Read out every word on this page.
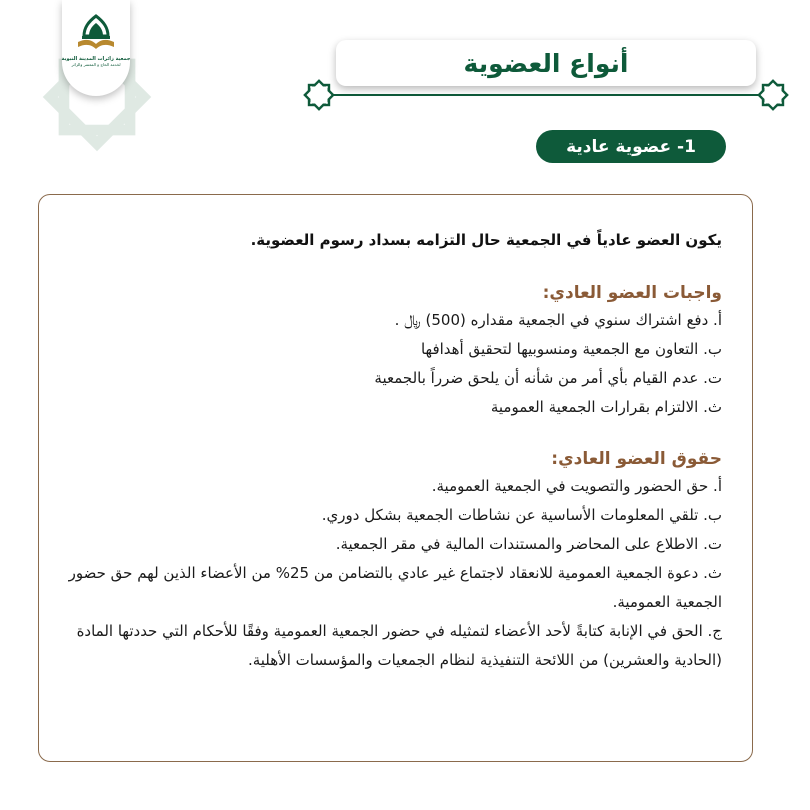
جمعية زائرات المدينة النبوية
لخدمة الحاج و المعتمر والزائر	أنواع العضوية
1- عضوية عادية

يكون العضو عادياً في الجمعية حال التزامه بسداد رسوم العضوية.

واجبات العضو العادي:

أ. دفع اشتراك سنوي في الجمعية مقداره (500) ﷼ .

ب. التعاون مع الجمعية ومنسوبيها لتحقيق أهدافها

ت. عدم القيام بأي أمر من شأنه أن يلحق ضرراً بالجمعية

ث. الالتزام بقرارات الجمعية العمومية

حقوق العضو العادي:

أ. حق الحضور والتصويت في الجمعية العمومية.

ب. تلقي المعلومات الأساسية عن نشاطات الجمعية بشكل دوري.

ت. الاطلاع على المحاضر والمستندات المالية في مقر الجمعية.

ث. دعوة الجمعية العمومية للانعقاد لاجتماع غير عادي بالتضامن من 25% من الأعضاء الذين لهم حق حضور الجمعية العمومية.

ج. الحق في الإنابة كتابةً لأحد الأعضاء لتمثيله في حضور الجمعية العمومية وفقًا للأحكام التي حددتها المادة (الحادية والعشرين) من اللائحة التنفيذية لنظام الجمعيات والمؤسسات الأهلية.
